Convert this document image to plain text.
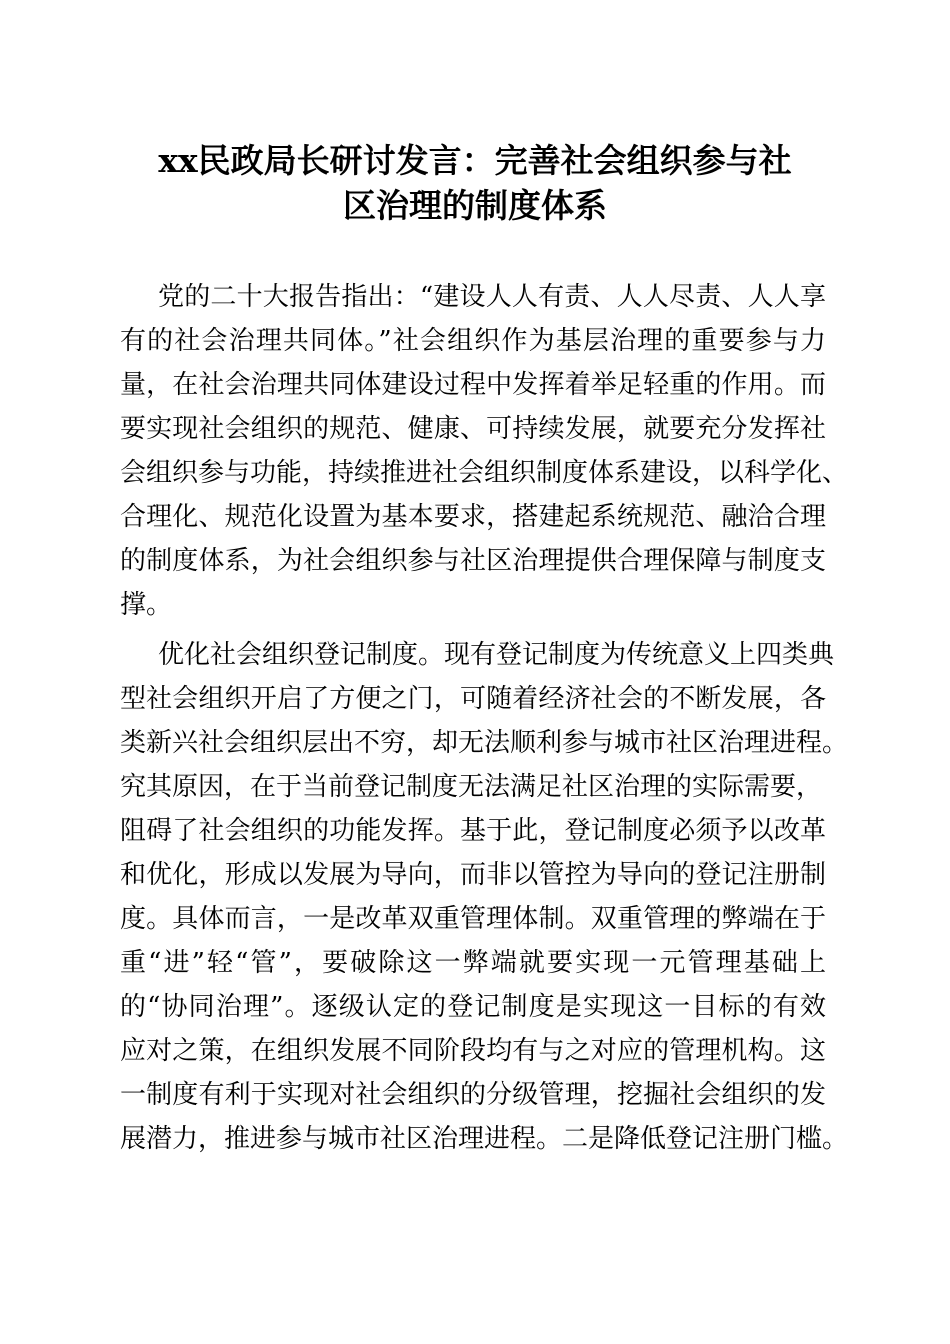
xx民政局长研讨发言：完善社会组织参与社
区治理的制度体系
党的二十大报告指出：“建设人人有责、人人尽责、人人享
有的社会治理共同体。”社会组织作为基层治理的重要参与力
量，在社会治理共同体建设过程中发挥着举足轻重的作用。而
要实现社会组织的规范、健康、可持续发展，就要充分发挥社
会组织参与功能，持续推进社会组织制度体系建设，以科学化、
合理化、规范化设置为基本要求，搭建起系统规范、融洽合理
的制度体系，为社会组织参与社区治理提供合理保障与制度支
撑。
优化社会组织登记制度。现有登记制度为传统意义上四类典
型社会组织开启了方便之门，可随着经济社会的不断发展，各
类新兴社会组织层出不穷，却无法顺利参与城市社区治理进程。
究其原因，在于当前登记制度无法满足社区治理的实际需要，
阻碍了社会组织的功能发挥。基于此，登记制度必须予以改革
和优化，形成以发展为导向，而非以管控为导向的登记注册制
度。具体而言，一是改革双重管理体制。双重管理的弊端在于
重“进”轻“管”，要破除这一弊端就要实现一元管理基础上
的“协同治理”。逐级认定的登记制度是实现这一目标的有效
应对之策，在组织发展不同阶段均有与之对应的管理机构。这
一制度有利于实现对社会组织的分级管理，挖掘社会组织的发
展潜力，推进参与城市社区治理进程。二是降低登记注册门槛。
